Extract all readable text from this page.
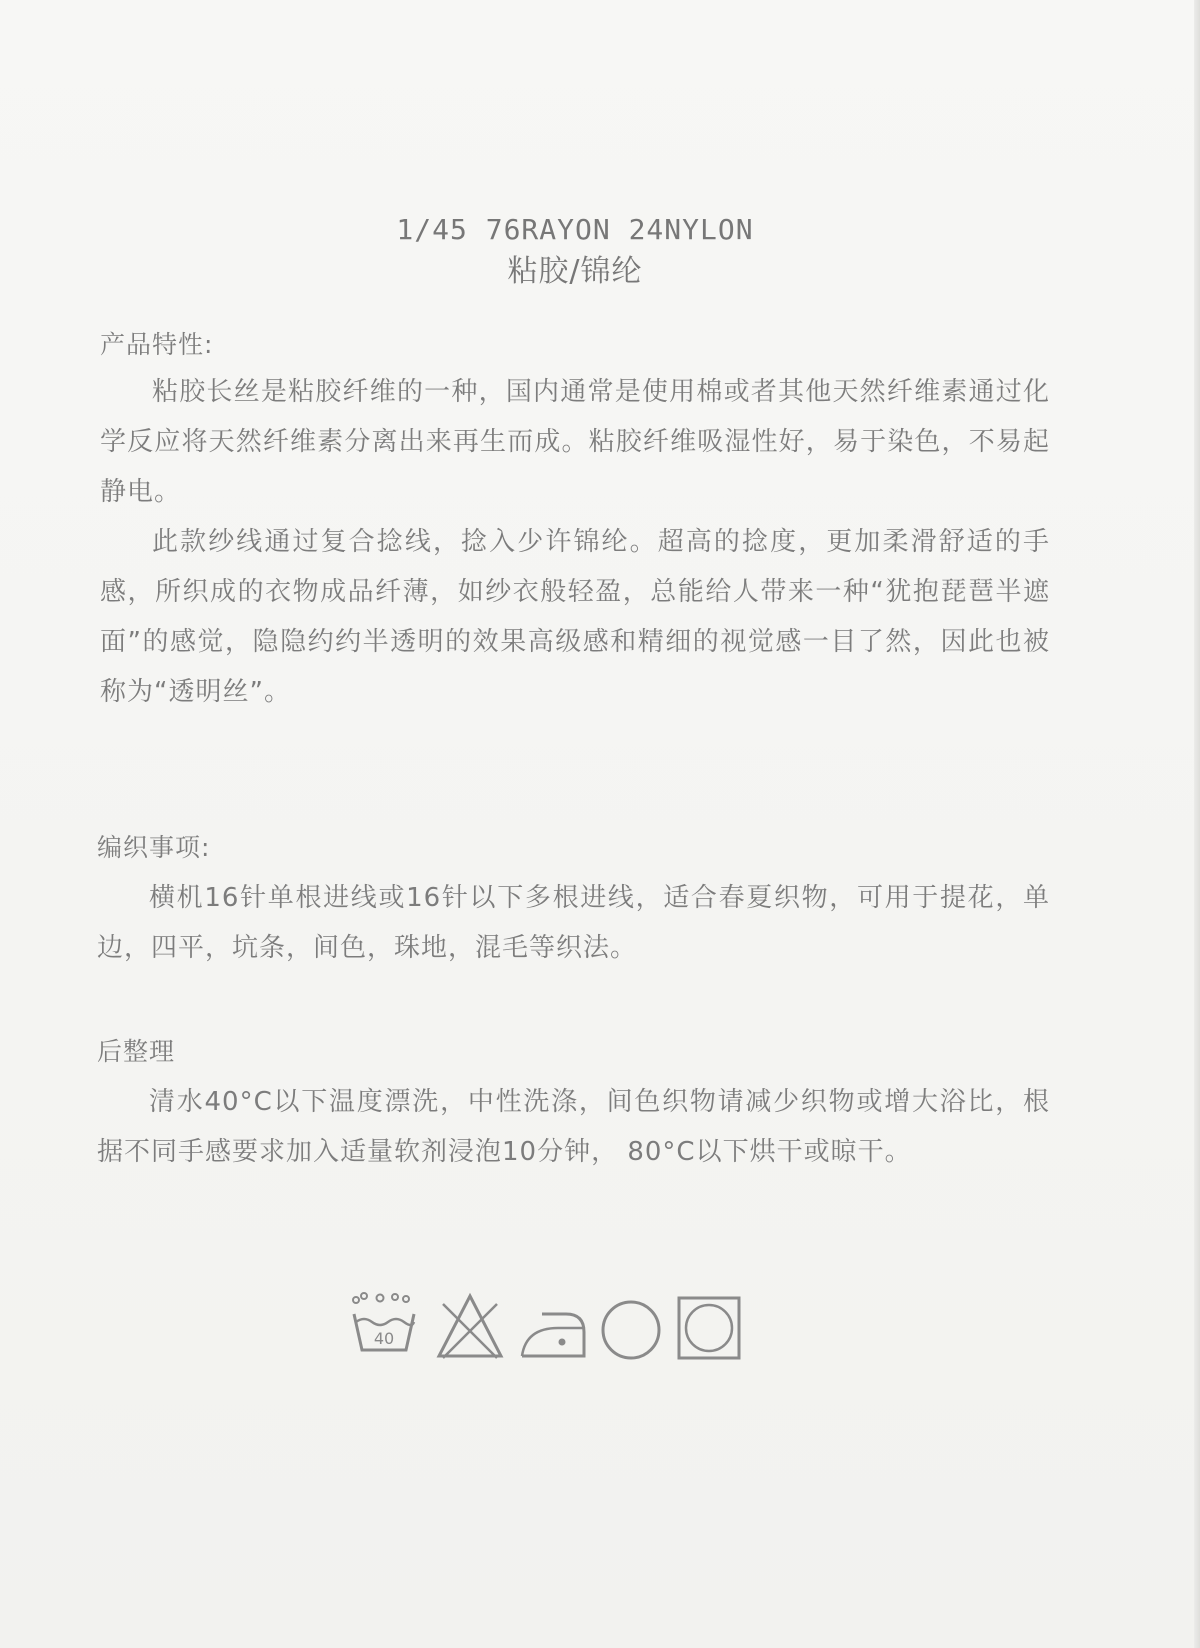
1/45 76RAYON 24NYLON
粘胶/锦纶
产品特性:

粘胶长丝是粘胶纤维的一种，国内通常是使用棉或者其他天然纤维素通过化学反应将天然纤维素分离出来再生而成。粘胶纤维吸湿性好，易于染色，不易起静电。

此款纱线通过复合捻线，捻入少许锦纶。超高的捻度，更加柔滑舒适的手感，所织成的衣物成品纤薄，如纱衣般轻盈，总能给人带来一种“犹抱琵琶半遮面”的感觉，隐隐约约半透明的效果高级感和精细的视觉感一目了然，因此也被称为“透明丝”。

编织事项:

横机16针单根进线或16针以下多根进线，适合春夏织物，可用于提花，单边，四平，坑条，间色，珠地，混毛等织法。

后整理

清水40°C以下温度漂洗，中性洗涤，间色织物请减少织物或增大浴比，根据不同手感要求加入适量软剂浸泡10分钟， 80°C以下烘干或晾干。

40
